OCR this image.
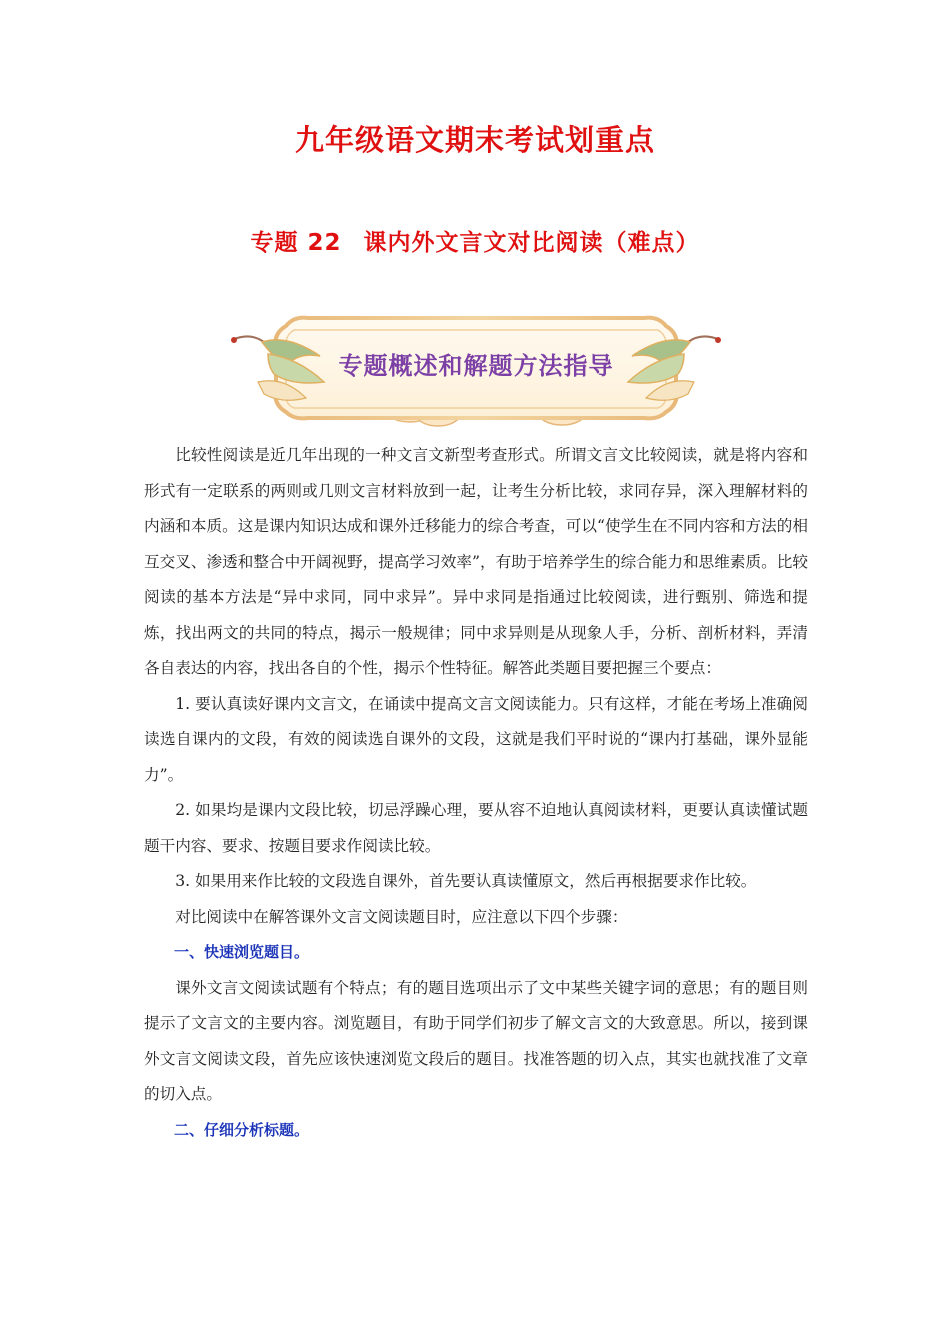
九年级语文期末考试划重点
专题 22 课内外文言文对比阅读（难点）
专题概述和解题方法指导

比较性阅读是近几年出现的一种文言文新型考查形式。所谓文言文比较阅读，就是将内容和形式有一定联系的两则或几则文言材料放到一起，让考生分析比较，求同存异，深入理解材料的内涵和本质。这是课内知识达成和课外迁移能力的综合考查，可以“使学生在不同内容和方法的相互交叉、渗透和整合中开阔视野，提高学习效率”，有助于培养学生的综合能力和思维素质。比较阅读的基本方法是“异中求同，同中求异”。异中求同是指通过比较阅读，进行甄别、筛选和提炼，找出两文的共同的特点，揭示一般规律；同中求异则是从现象人手，分析、剖析材料，弄清各自表达的内容，找出各自的个性，揭示个性特征。解答此类题目要把握三个要点：

1. 要认真读好课内文言文，在诵读中提高文言文阅读能力。只有这样，才能在考场上准确阅读选自课内的文段，有效的阅读选自课外的文段，这就是我们平时说的“课内打基础，课外显能力”。

2. 如果均是课内文段比较，切忌浮躁心理，要从容不迫地认真阅读材料，更要认真读懂试题题干内容、要求、按题目要求作阅读比较。

3. 如果用来作比较的文段选自课外，首先要认真读懂原文，然后再根据要求作比较。

对比阅读中在解答课外文言文阅读题目时，应注意以下四个步骤：

一、快速浏览题目。

课外文言文阅读试题有个特点；有的题目选项出示了文中某些关键字词的意思；有的题目则提示了文言文的主要内容。浏览题目，有助于同学们初步了解文言文的大致意思。所以，接到课外文言文阅读文段，首先应该快速浏览文段后的题目。找准答题的切入点，其实也就找准了文章的切入点。

二、仔细分析标题。
